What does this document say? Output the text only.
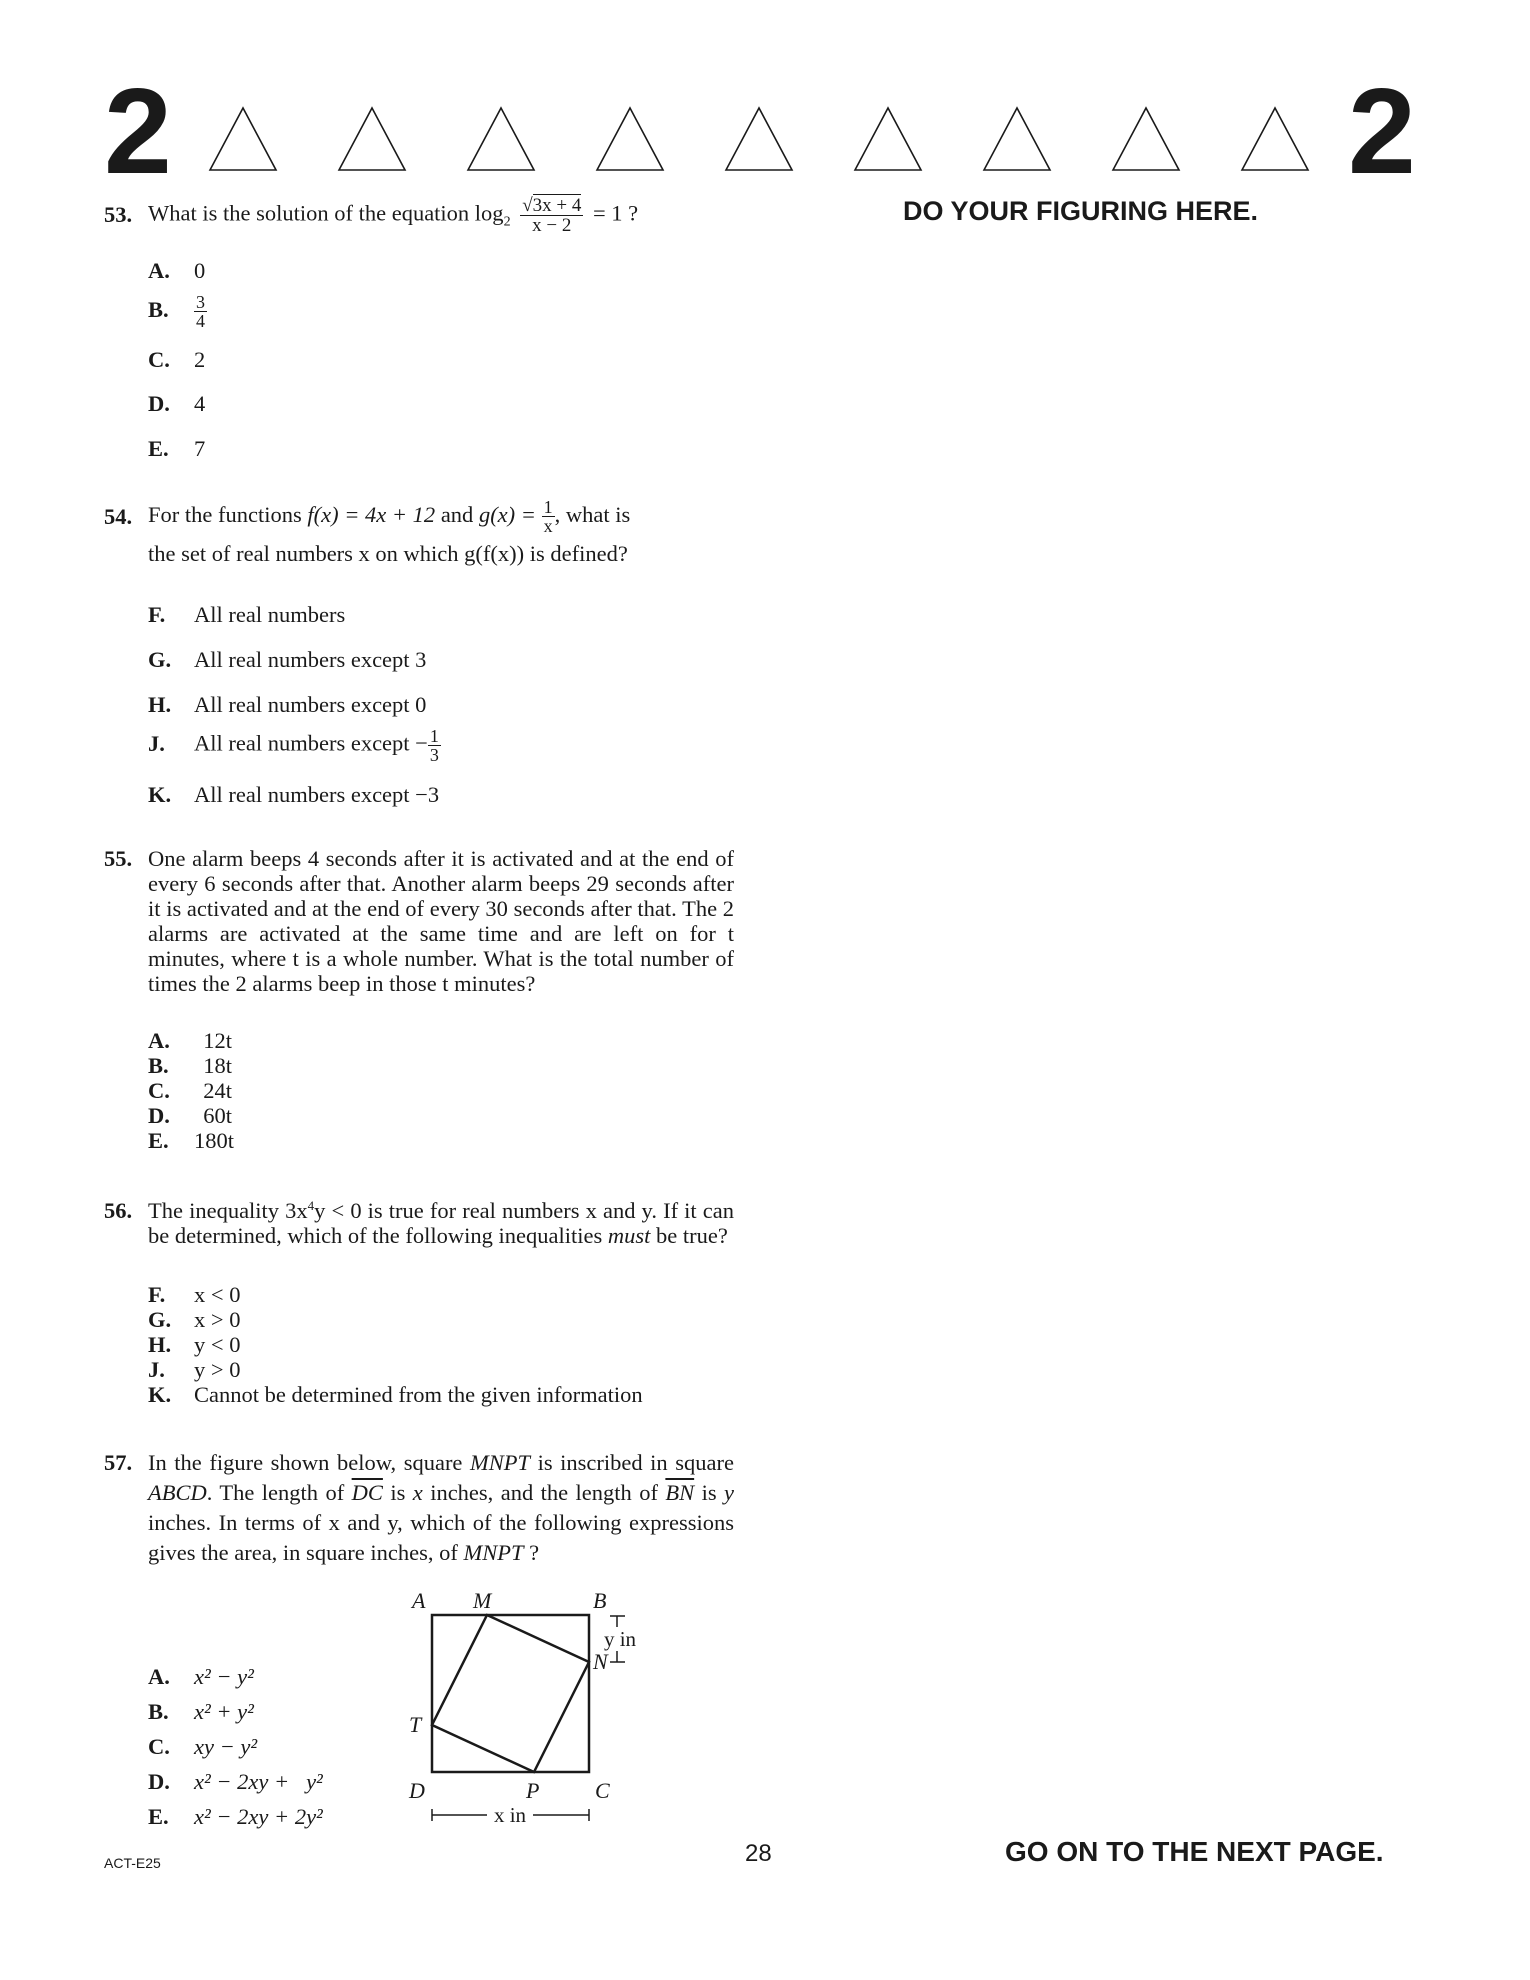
2	2
DO YOUR FIGURING HERE.
53. What is the solution of the equation $\log_2 \frac{√3x + 4}{x - 2} = 1$ ?
A. 0
B. $\frac{3}{4}$
C. 2
D. 4
E. 7
54. For the functions f(x) = 4x + 12 and $g(x) = \frac{1}{x}$ , what is
the set of real numbers x on which g(f(x)) is defined?
F. All real numbers
G. All real numbers except 3
H. All real numbers except 0
J. All real numbers except − $\frac{1}{3}$
K. All real numbers except −3
55. One alarm beeps 4 seconds after it is activated and at the end of every 6 seconds after that. Another alarm beeps 29 seconds after it is activated and at the end of every 30 seconds after that. The 2 alarms are activated at the same time and are left on for t minutes, where t is a whole number. What is the total number of times the 2 alarms beep in those t minutes?
A. 12t
B. 18t
C. 24t
D. 60t
E. 180t
56. The inequality $3x^4y < 0$ is true for real numbers x and y. If it can be determined, which of the following inequalities must be true?
F. x < 0
G. x > 0
H. y < 0
J. y > 0
K. Cannot be determined from the given information
57. In the figure shown below, square MNPT is inscribed in square ABCD. The length of $\overline{DC}$ is x inches, and the length of $\overline{BN}$ is y inches. In terms of x and y, which of the following expressions gives the area, in square inches, of MNPT ?
A. x² − y²
B. x² + y²
C. xy − y²
D. x² − 2xy +   y²
E. x² − 2xy + 2y²
A M	B
N
T
D	P	C
y in
x in
ACT-E25	28	GO ON TO THE NEXT PAGE.
